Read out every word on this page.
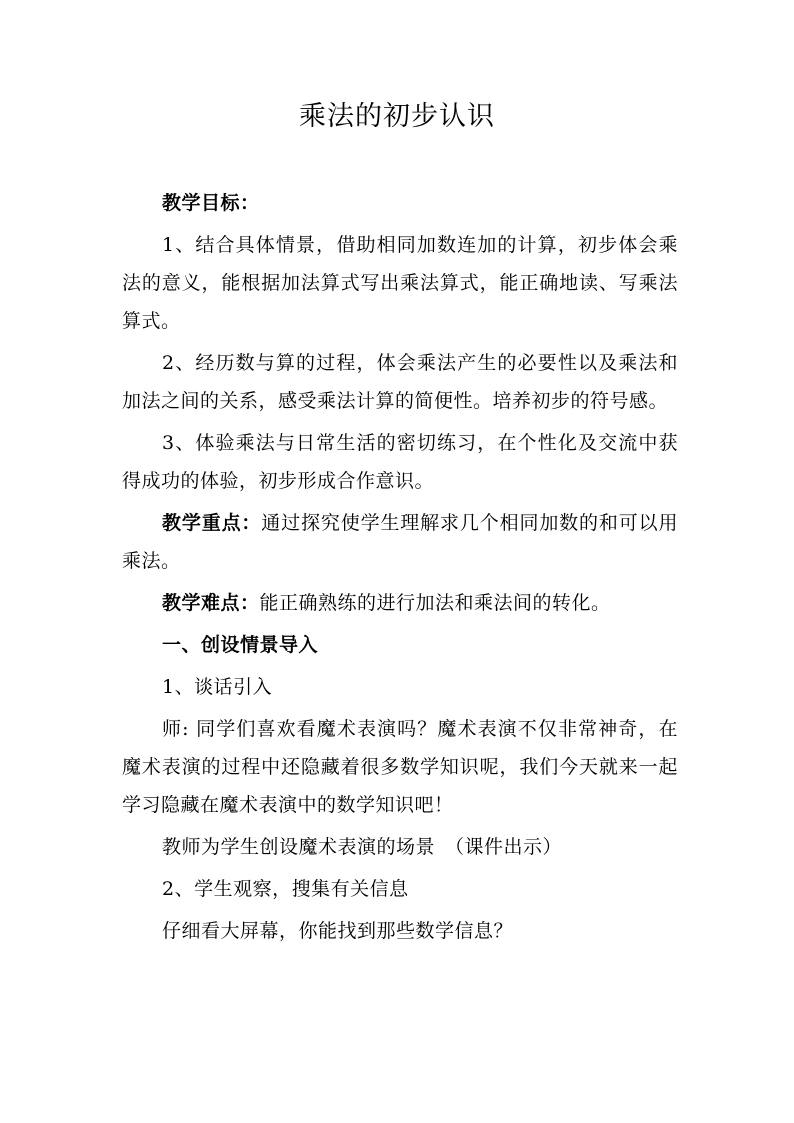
乘法的初步认识

教学目标：

1、结合具体情景，借助相同加数连加的计算，初步体会乘法的意义，能根据加法算式写出乘法算式，能正确地读、写乘法算式。

2、经历数与算的过程，体会乘法产生的必要性以及乘法和加法之间的关系，感受乘法计算的简便性。培养初步的符号感。

3、体验乘法与日常生活的密切练习，在个性化及交流中获得成功的体验，初步形成合作意识。

教学重点：通过探究使学生理解求几个相同加数的和可以用乘法。

教学难点：能正确熟练的进行加法和乘法间的转化。

一、创设情景导入

1、谈话引入

师: 同学们喜欢看魔术表演吗？魔术表演不仅非常神奇，在魔术表演的过程中还隐藏着很多数学知识呢，我们今天就来一起学习隐藏在魔术表演中的数学知识吧！

教师为学生创设魔术表演的场景　（课件出示）

2、学生观察，搜集有关信息

仔细看大屏幕，你能找到那些数学信息？
